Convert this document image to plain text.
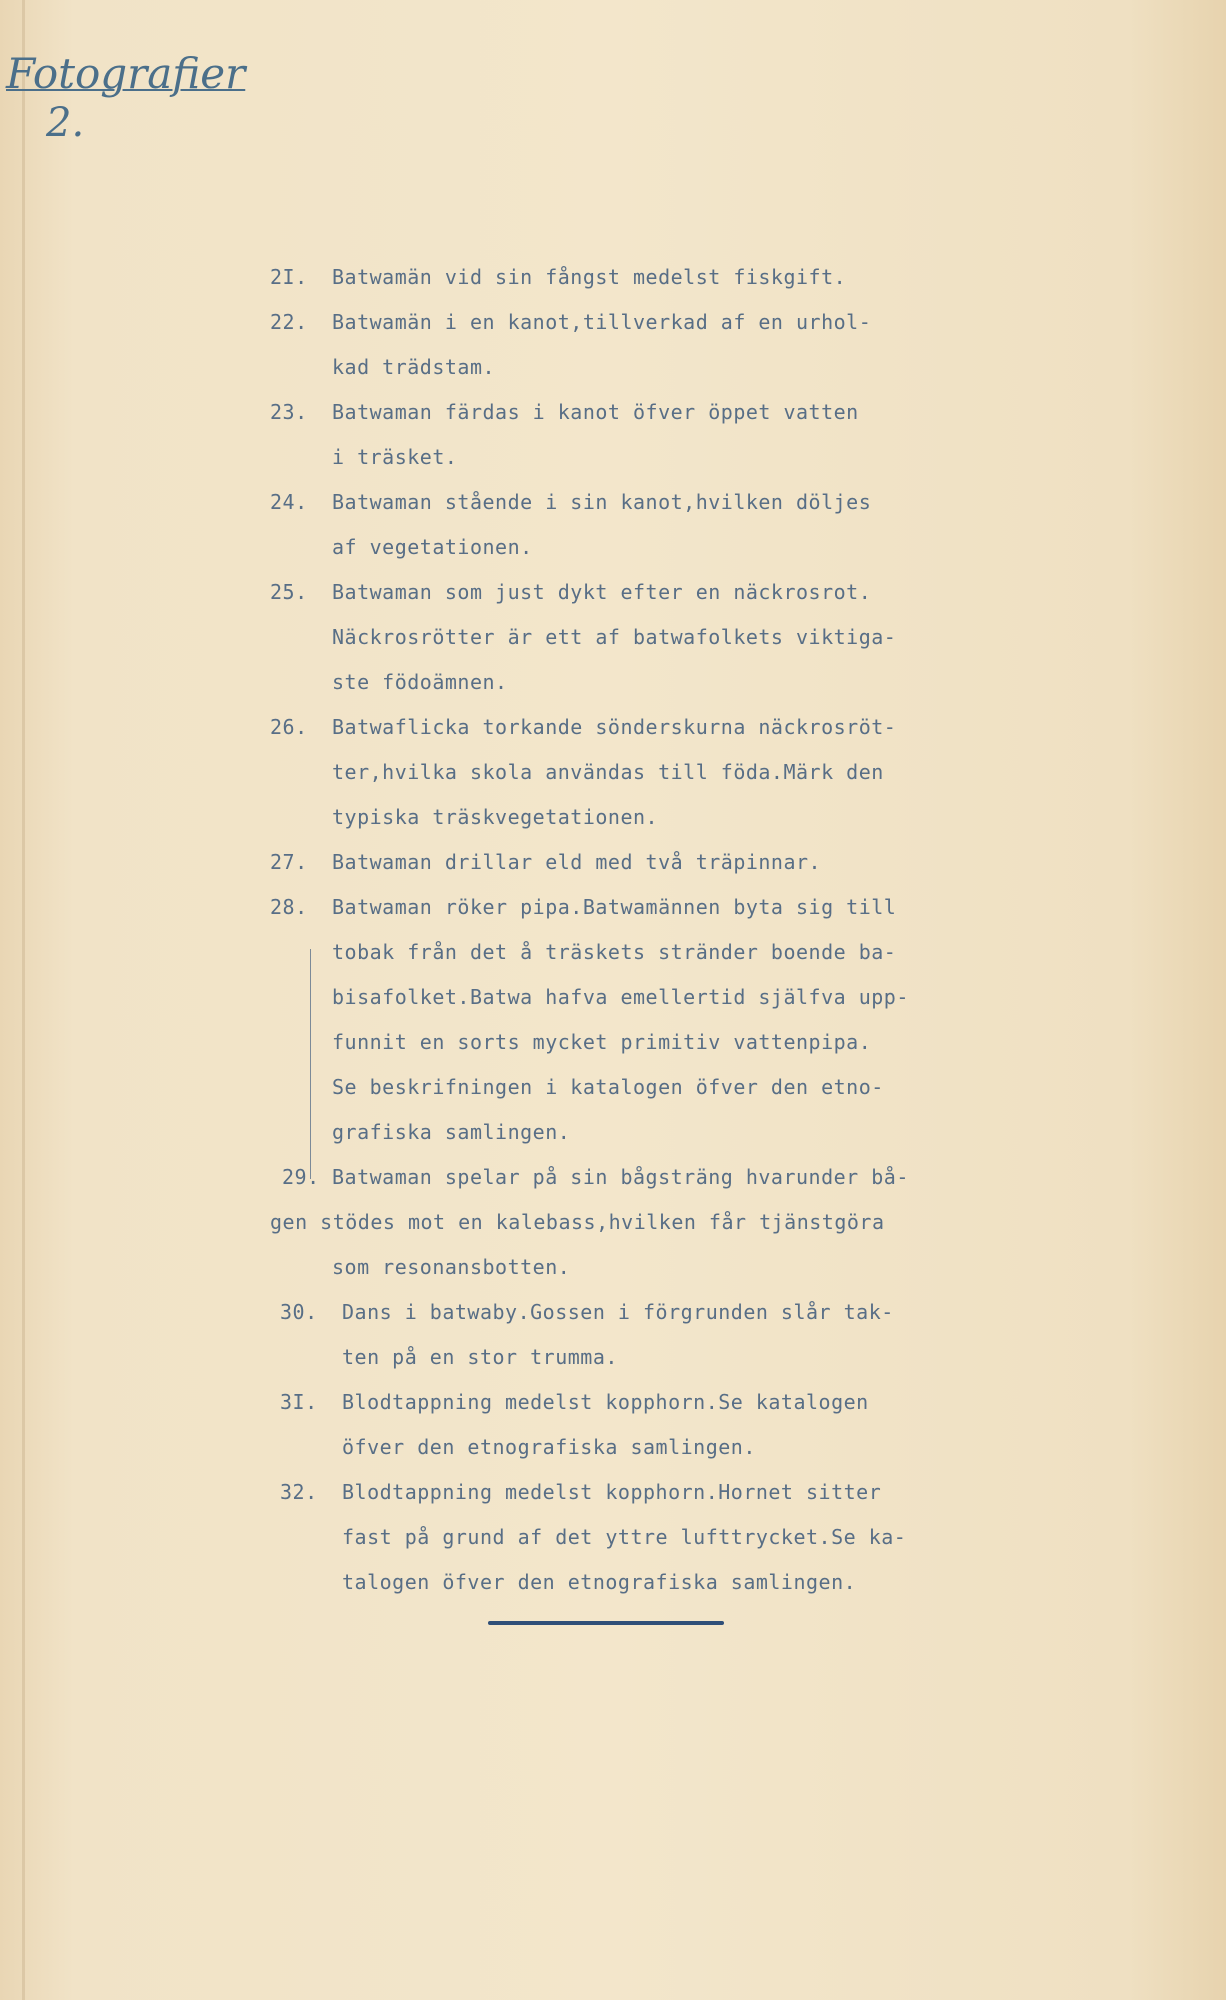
Fotografier
2.
2I. Batwamän vid sin fångst medelst fiskgift.
22. Batwamän i en kanot,tillverkad af en urhol-
kad trädstam.
23. Batwaman färdas i kanot öfver öppet vatten
i träsket.
24. Batwaman stående i sin kanot,hvilken döljes
af vegetationen.
25. Batwaman som just dykt efter en näckrosrot.
Näckrosrötter är ett af batwafolkets viktiga-
ste födoämnen.
26. Batwaflicka torkande sönderskurna näckrosröt-
ter,hvilka skola användas till föda.Märk den
typiska träskvegetationen.
27. Batwaman drillar eld med två träpinnar.
28. Batwaman röker pipa.Batwamännen byta sig till
tobak från det å träskets stränder boende ba-
bisafolket.Batwa hafva emellertid själfva upp-
funnit en sorts mycket primitiv vattenpipa.
Se beskrifningen i katalogen öfver den etno-
grafiska samlingen.
29. Batwaman spelar på sin bågsträng hvarunder bå-
gen stödes mot en kalebass,hvilken får tjänstgöra
som resonansbotten.
30. Dans i batwaby.Gossen i förgrunden slår tak-
ten på en stor trumma.
3I. Blodtappning medelst kopphorn.Se katalogen
öfver den etnografiska samlingen.
32. Blodtappning medelst kopphorn.Hornet sitter
fast på grund af det yttre lufttrycket.Se ka-
talogen öfver den etnografiska samlingen.
